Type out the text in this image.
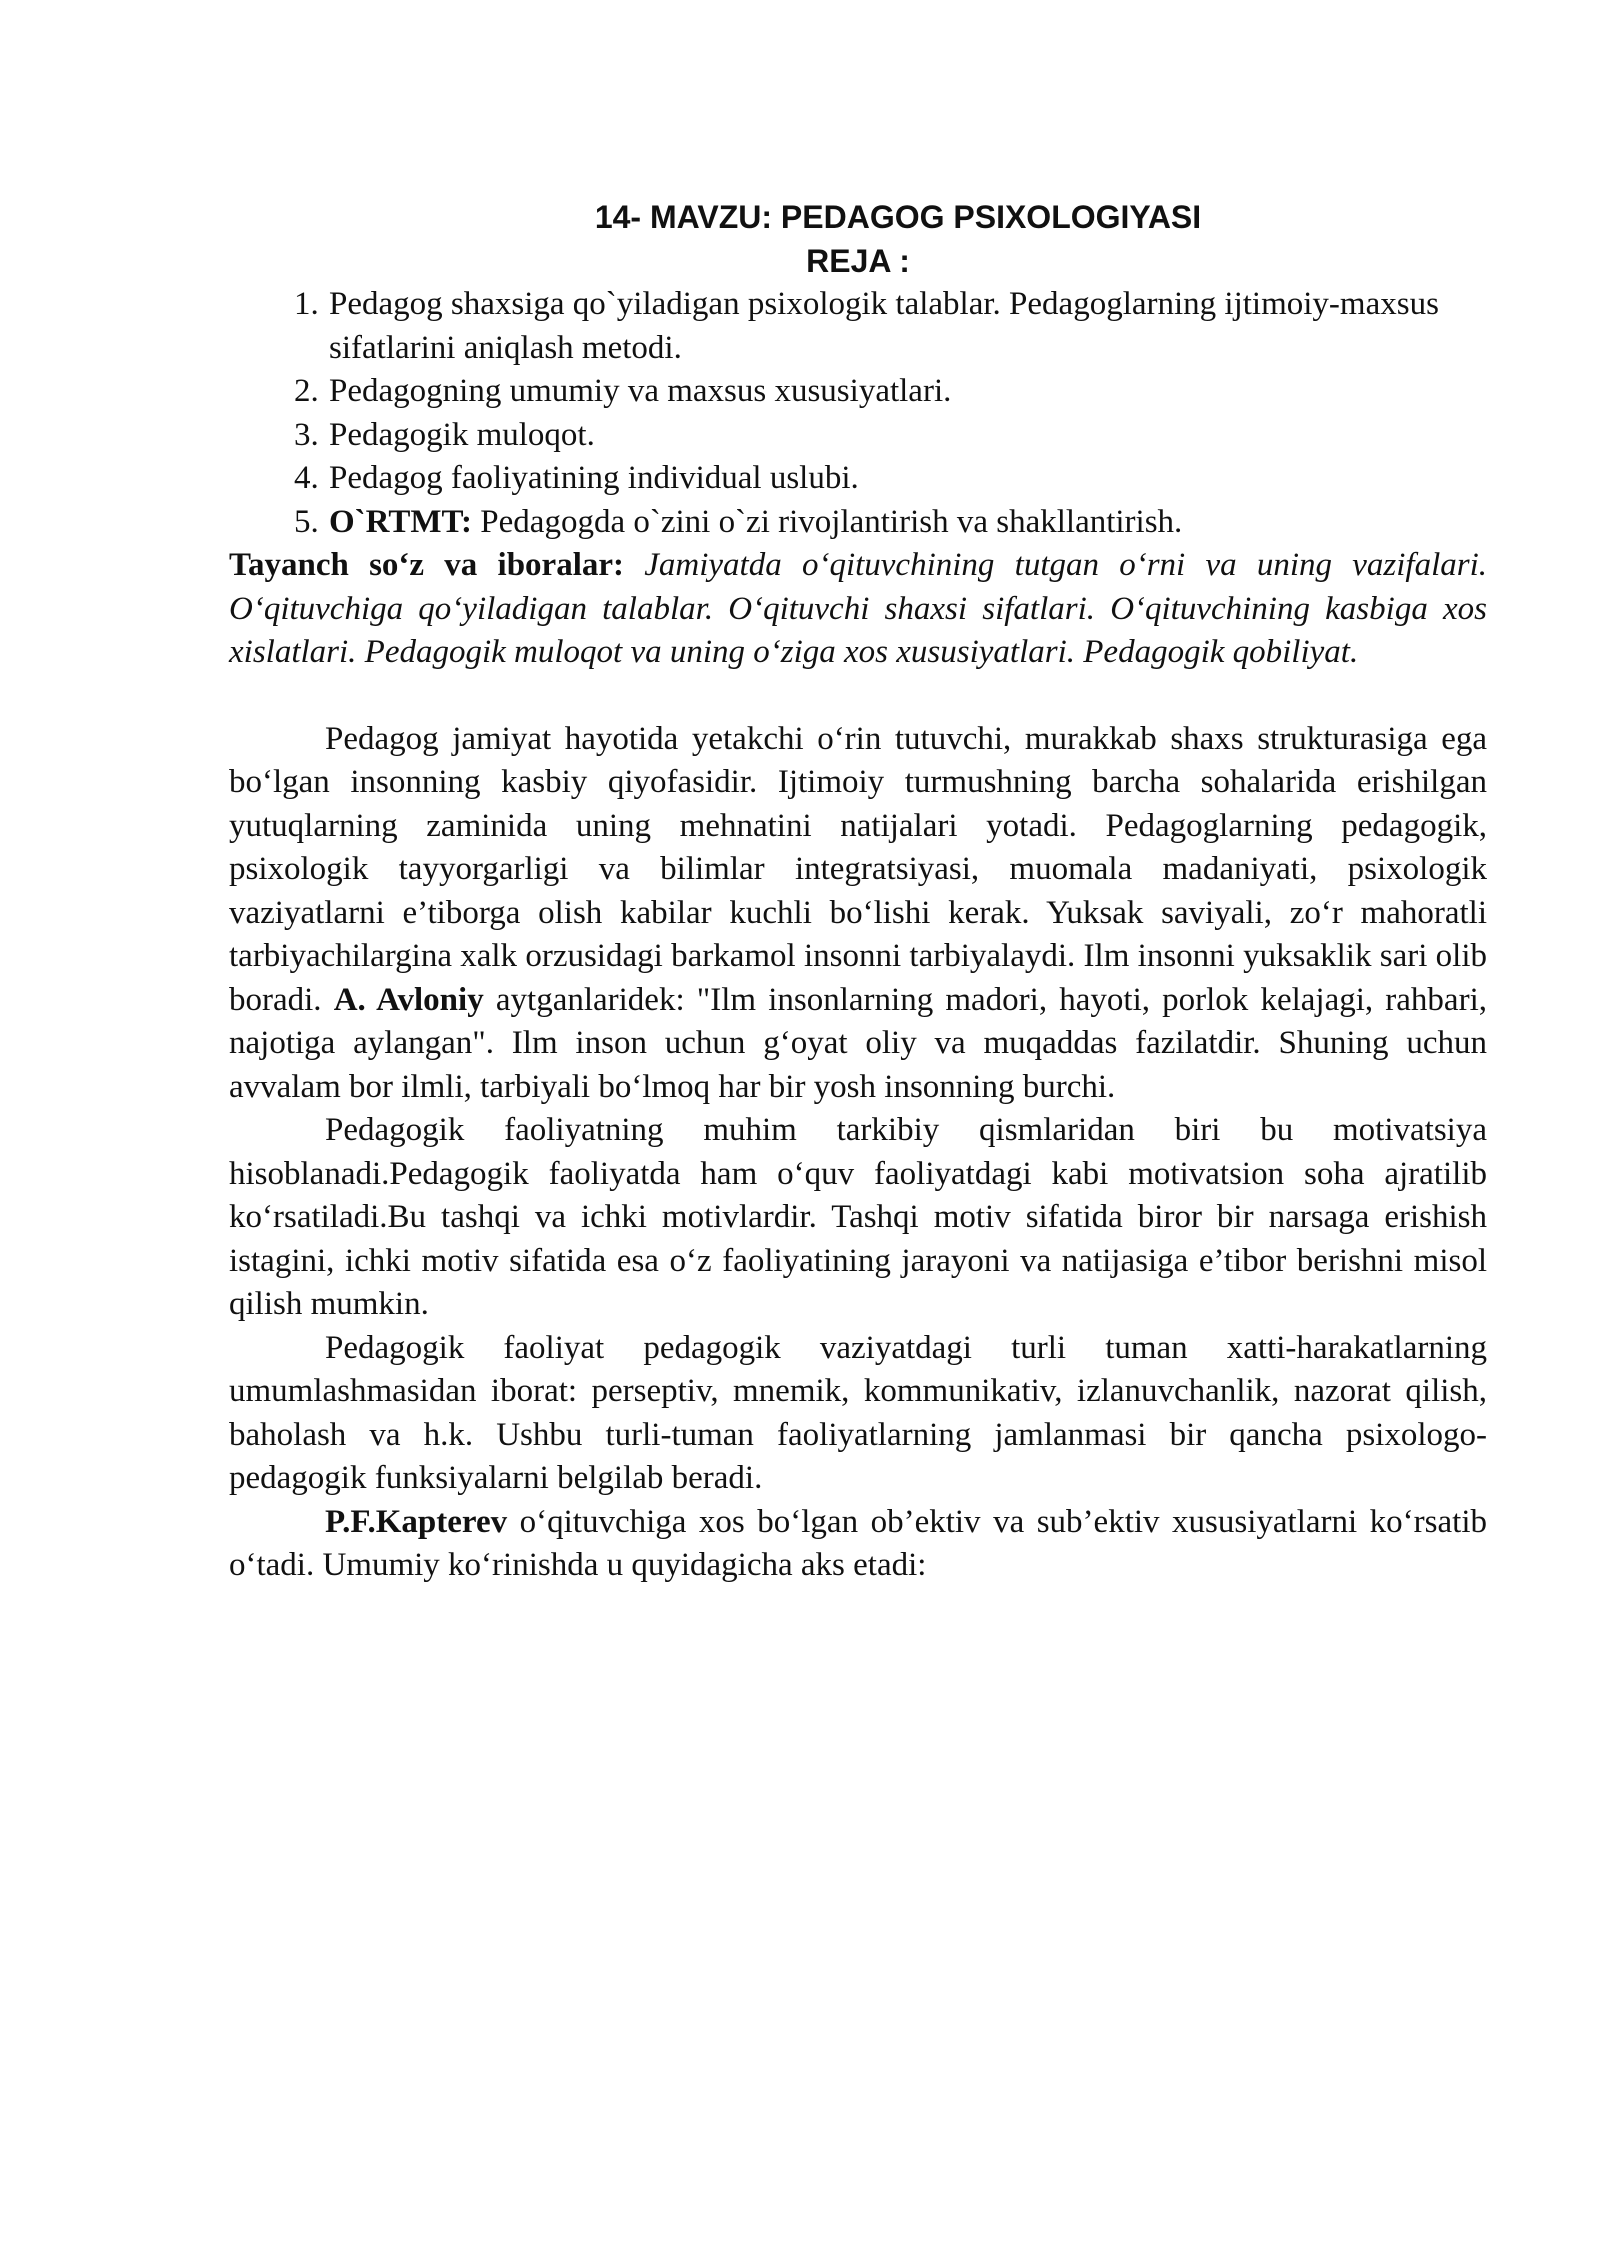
14- MAVZU: PEDAGOG PSIXOLOGIYASI
REJA :
1. Pedagog shaxsiga qo`yiladigan psixologik talablar. Pedagoglarning ijtimoiy-maxsus sifatlarini aniqlash metodi.
2. Pedagogning umumiy va maxsus xususiyatlari.
3. Pedagogik muloqot.
4. Pedagog faoliyatining individual uslubi.
5. O`RTMT: Pedagogda o`zini o`zi rivojlantirish va shakllantirish.

Tayanch so‘z va iboralar: Jamiyatda o‘qituvchining tutgan o‘rni va uning vazifalari. O‘qituvchiga qo‘yiladigan talablar. O‘qituvchi shaxsi sifatlari. O‘qituvchining kasbiga xos xislatlari. Pedagogik muloqot va uning o‘ziga xos xususiyatlari. Pedagogik qobiliyat.

Pedagog jamiyat hayotida yetakchi o‘rin tutuvchi, murakkab shaxs strukturasiga ega bo‘lgan insonning kasbiy qiyofasidir. Ijtimoiy turmushning barcha sohalarida erishilgan yutuqlarning zaminida uning mehnatini natijalari yotadi. Pedagoglarning pedagogik, psixologik tayyorgarligi va bilimlar integratsiyasi, muomala madaniyati, psixologik vaziyatlarni e’tiborga olish kabilar kuchli bo‘lishi kerak. Yuksak saviyali, zo‘r mahoratli tarbiyachilargina xalk orzusidagi barkamol insonni tarbiyalaydi. Ilm insonni yuksaklik sari olib boradi. A. Avloniy aytganlaridek: "Ilm insonlarning madori, hayoti, porlok kelajagi, rahbari, najotiga aylangan". Ilm inson uchun g‘oyat oliy va muqaddas fazilatdir. Shuning uchun avvalam bor ilmli, tarbiyali bo‘lmoq har bir yosh insonning burchi.

Pedagogik faoliyatning muhim tarkibiy qismlaridan biri bu motivatsiya hisoblanadi.Pedagogik faoliyatda ham o‘quv faoliyatdagi kabi motivatsion soha ajratilib ko‘rsatiladi.Bu tashqi va ichki motivlardir. Tashqi motiv sifatida biror bir narsaga erishish istagini, ichki motiv sifatida esa o‘z faoliyatining jarayoni va natijasiga e’tibor berishni misol qilish mumkin.

Pedagogik faoliyat pedagogik vaziyatdagi turli tuman xatti-harakatlarning umumlashmasidan iborat: perseptiv, mnemik, kommunikativ, izlanuvchanlik, nazorat qilish, baholash va h.k. Ushbu turli-tuman faoliyatlarning jamlanmasi bir qancha psixologo-pedagogik funksiyalarni belgilab beradi.

P.F.Kapterev o‘qituvchiga xos bo‘lgan ob’ektiv va sub’ektiv xususiyatlarni ko‘rsatib o‘tadi. Umumiy ko‘rinishda u quyidagicha aks etadi:
